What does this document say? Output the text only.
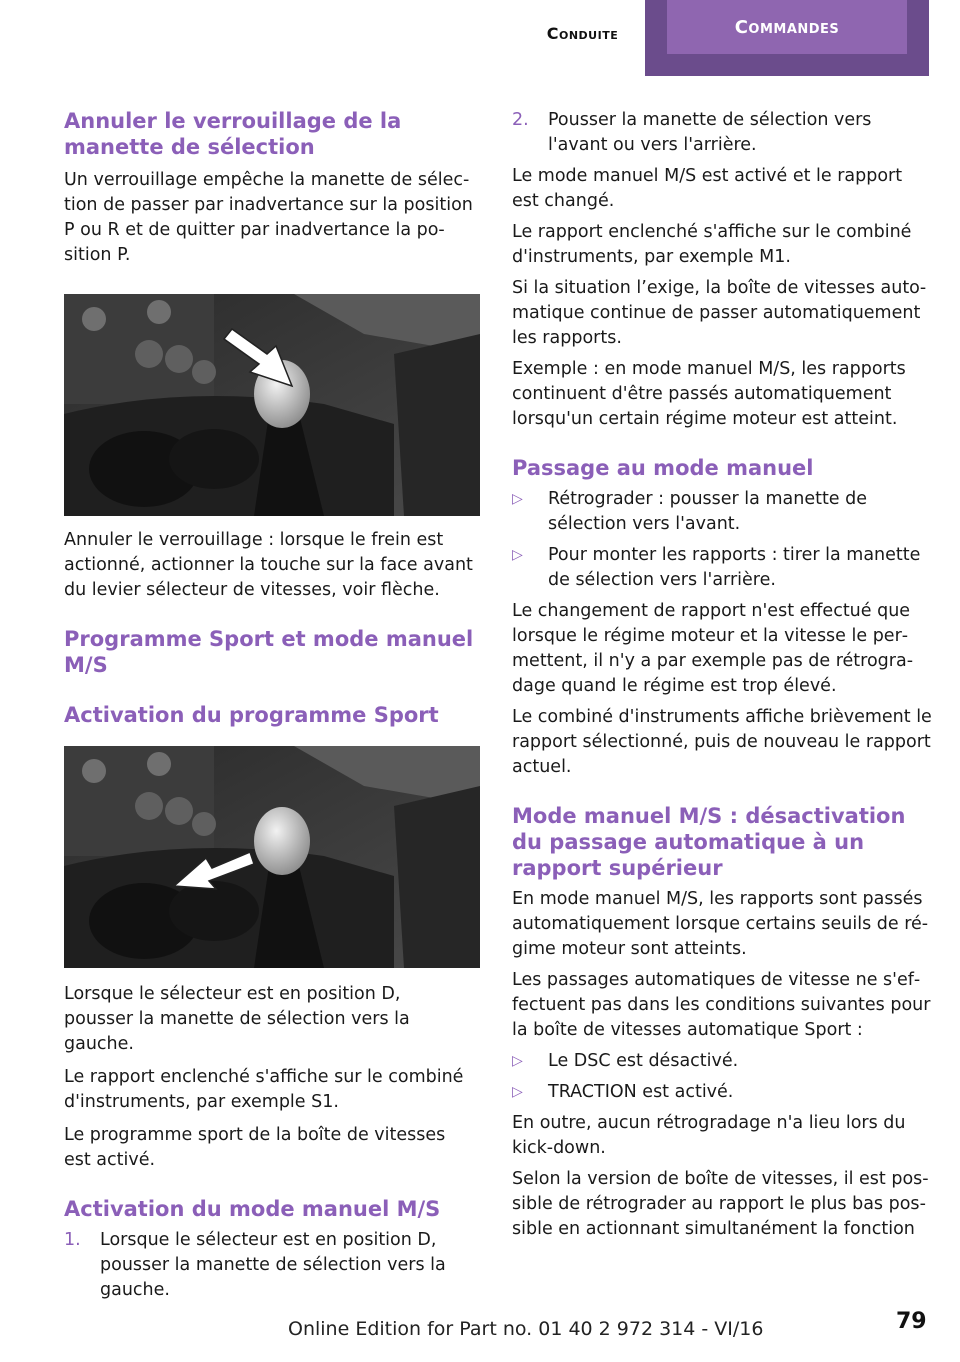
Conduite	Commandes
Annuler le verrouillage de la manette de sélection

Un verrouillage empêche la manette de sélection de passer par inadvertance sur la position P ou R et de quitter par inadvertance la position P.

Annuler le verrouillage : lorsque le frein est actionné, actionner la touche sur la face avant du levier sélecteur de vitesses, voir flèche.

Programme Sport et mode manuel M/S
Activation du programme Sport

Lorsque le sélecteur est en position D, pousser la manette de sélection vers la gauche.

Le rapport enclenché s'affiche sur le combiné d'instruments, par exemple S1.

Le programme sport de la boîte de vitesses est activé.

Activation du mode manuel M/S
1. Lorsque le sélecteur est en position D, pousser la manette de sélection vers la gauche.
2. Pousser la manette de sélection vers l'avant ou vers l'arrière.

Le mode manuel M/S est activé et le rapport est changé.

Le rapport enclenché s'affiche sur le combiné d'instruments, par exemple M1.

Si la situation l’exige, la boîte de vitesses automatique continue de passer automatiquement les rapports.

Exemple : en mode manuel M/S, les rapports continuent d'être passés automatiquement lorsqu'un certain régime moteur est atteint.

Passage au mode manuel
▷ Rétrograder : pousser la manette de sélection vers l'avant.
▷ Pour monter les rapports : tirer la manette de sélection vers l'arrière.

Le changement de rapport n'est effectué que lorsque le régime moteur et la vitesse le permettent, il n'y a par exemple pas de rétrogradage quand le régime est trop élevé.

Le combiné d'instruments affiche brièvement le rapport sélectionné, puis de nouveau le rapport actuel.

Mode manuel M/S : désactivation du passage automatique à un rapport supérieur

En mode manuel M/S, les rapports sont passés automatiquement lorsque certains seuils de régime moteur sont atteints.

Les passages automatiques de vitesse ne s'effectuent pas dans les conditions suivantes pour la boîte de vitesses automatique Sport :

▷ Le DSC est désactivé.
▷ TRACTION est activé.

En outre, aucun rétrogradage n'a lieu lors du kick-down.

Selon la version de boîte de vitesses, il est possible de rétrograder au rapport le plus bas possible en actionnant simultanément la fonction

Online Edition for Part no. 01 40 2 972 314 - VI/16	79
